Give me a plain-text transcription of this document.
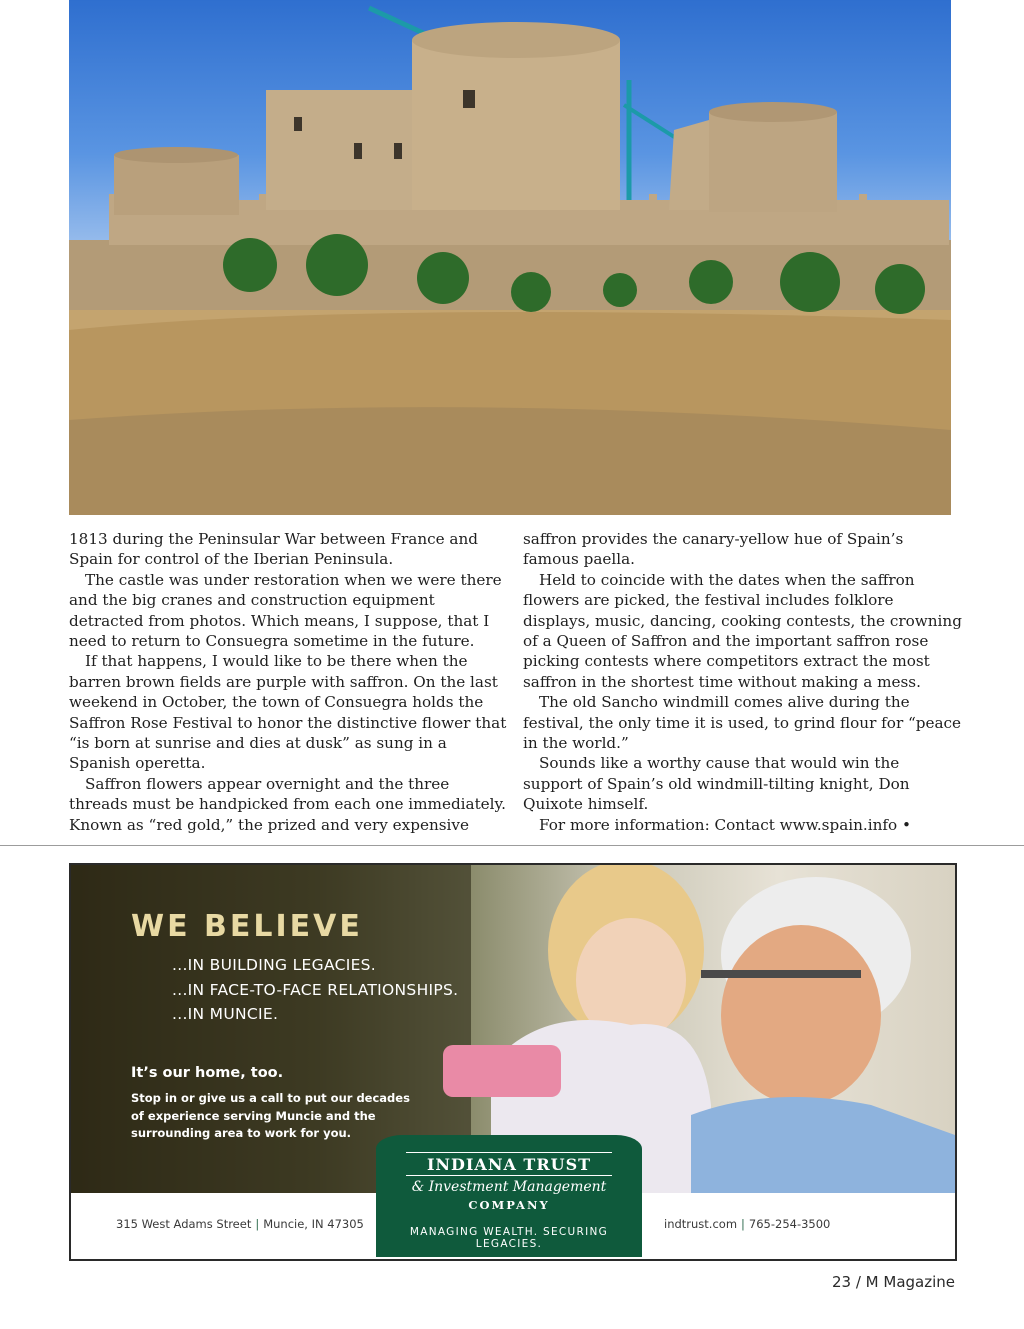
1813 during the Peninsular War between France and Spain for control of the Iberian Peninsula.

The castle was under restoration when we were there and the big cranes and construction equipment detracted from photos. Which means, I suppose, that I need to return to Consuegra sometime in the future.

If that happens, I would like to be there when the barren brown fields are purple with saffron. On the last weekend in October, the town of Consuegra holds the Saffron Rose Festival to honor the distinctive flower that “is born at sunrise and dies at dusk” as sung in a Spanish operetta.

Saffron flowers appear overnight and the three threads must be handpicked from each one immediately. Known as “red gold,” the prized and very expensive

saffron provides the canary-yellow hue of Spain’s famous paella.

Held to coincide with the dates when the saffron flowers are picked, the festival includes folklore displays, music, dancing, cooking contests, the crowning of a Queen of Saffron and the important saffron rose picking contests where competitors extract the most saffron in the shortest time without making a mess.

The old Sancho windmill comes alive during the festival, the only time it is used, to grind flour for “peace in the world.”

Sounds like a worthy cause that would win the support of Spain’s old windmill-tilting knight, Don Quixote himself.

For more information: Contact www.spain.info •

WE BELIEVE
...IN BUILDING LEGACIES.
...IN FACE-TO-FACE RELATIONSHIPS.
...IN MUNCIE.
It’s our home, too.
Stop in or give us a call to put our decades of experience serving Muncie and the surrounding area to work for you.
315 West Adams Street | Muncie, IN 47305	indtrust.com | 765-254-3500
INDIANA TRUST
& Investment Management
COMPANY
MANAGING WEALTH. SECURING LEGACIES.
23 / M Magazine
